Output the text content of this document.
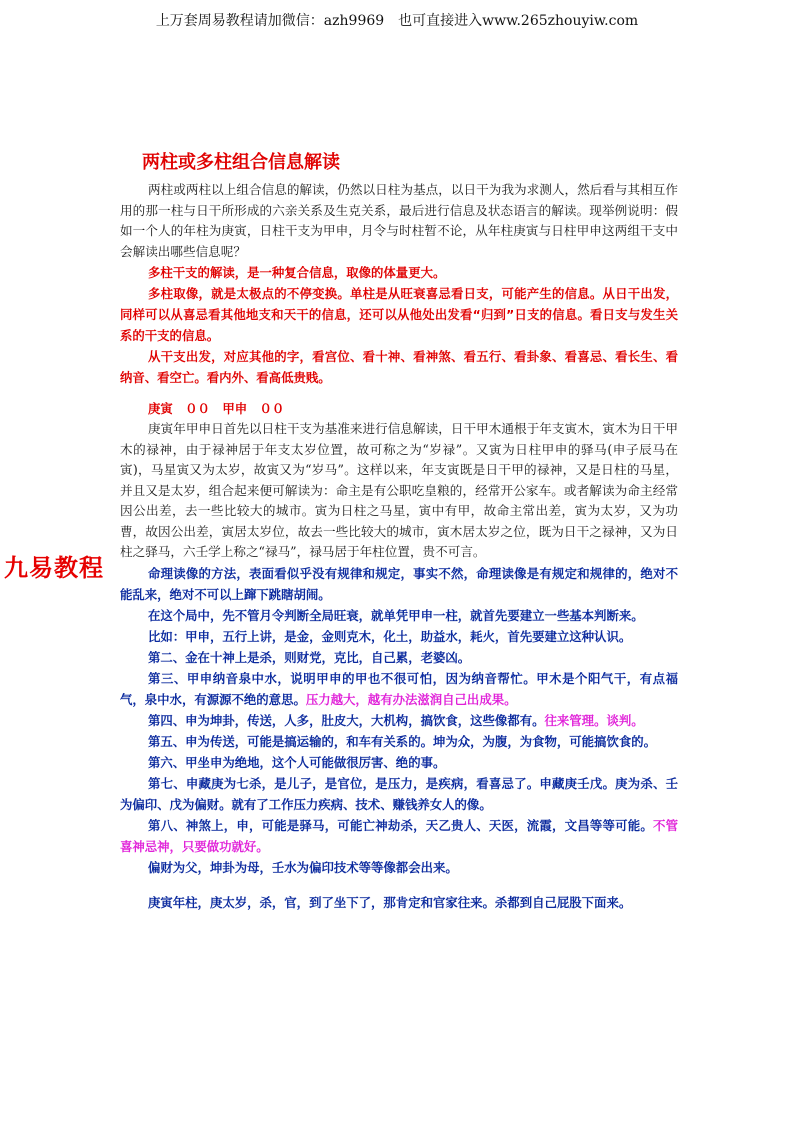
上万套周易教程请加微信：azh9969　也可直接进入www.265zhouyiw.com
九易教程
两柱或多柱组合信息解读

两柱或两柱以上组合信息的解读，仍然以日柱为基点，以日干为我为求测人，然后看与其相互作用的那一柱与日干所形成的六亲关系及生克关系，最后进行信息及状态语言的解读。现举例说明：假如一个人的年柱为庚寅，日柱干支为甲申，月令与时柱暂不论，从年柱庚寅与日柱甲申这两组干支中会解读出哪些信息呢？

多柱干支的解读，是一种复合信息，取像的体量更大。

多柱取像，就是太极点的不停变换。单柱是从旺衰喜忌看日支，可能产生的信息。从日干出发，同样可以从喜忌看其他地支和天干的信息，还可以从他处出发看“归到”日支的信息。看日支与发生关系的干支的信息。

从干支出发，对应其他的字，看宫位、看十神、看神煞、看五行、看卦象、看喜忌、看长生、看纳音、看空亡。看内外、看高低贵贱。

庚寅　００　甲申　００

庚寅年甲申日首先以日柱干支为基准来进行信息解读，日干甲木通根于年支寅木，寅木为日干甲木的禄神，由于禄神居于年支太岁位置，故可称之为“岁禄”。又寅为日柱甲申的驿马(申子辰马在寅)，马星寅又为太岁，故寅又为“岁马”。这样以来，年支寅既是日干甲的禄神，又是日柱的马星，并且又是太岁，组合起来便可解读为：命主是有公职吃皇粮的，经常开公家车。或者解读为命主经常因公出差，去一些比较大的城市。寅为日柱之马星，寅中有甲，故命主常出差，寅为太岁，又为功曹，故因公出差，寅居太岁位，故去一些比较大的城市，寅木居太岁之位，既为日干之禄神，又为日柱之驿马，六壬学上称之“禄马”，禄马居于年柱位置，贵不可言。

命理读像的方法，表面看似乎没有规律和规定，事实不然，命理读像是有规定和规律的，绝对不能乱来，绝对不可以上蹿下跳瞎胡闹。

在这个局中，先不管月令判断全局旺衰，就单凭甲申一柱，就首先要建立一些基本判断来。

比如：甲申，五行上讲，是金，金则克木，化土，助益水，耗火，首先要建立这种认识。

第二、金在十神上是杀，则财党，克比，自己累，老婆凶。

第三、甲申纳音泉中水，说明甲申的甲也不很可怕，因为纳音帮忙。甲木是个阳气干，有点福气，泉中水，有源源不绝的意思。压力越大，越有办法滋润自己出成果。

第四、申为坤卦，传送，人多，肚皮大，大机构，搞饮食，这些像都有。往来管理。谈判。

第五、申为传送，可能是搞运输的，和车有关系的。坤为众，为腹，为食物，可能搞饮食的。

第六、甲坐申为绝地，这个人可能做很厉害、绝的事。

第七、申藏庚为七杀，是儿子，是官位，是压力，是疾病，看喜忌了。申藏庚壬戊。庚为杀、壬为偏印、戊为偏财。就有了工作压力疾病、技术、赚钱养女人的像。

第八、神煞上，申，可能是驿马，可能亡神劫杀，天乙贵人、天医，流霞，文昌等等可能。不管喜神忌神，只要做功就好。

偏财为父，坤卦为母，壬水为偏印技术等等像都会出来。

庚寅年柱，庚太岁，杀，官，到了坐下了，那肯定和官家往来。杀都到自己屁股下面来。
